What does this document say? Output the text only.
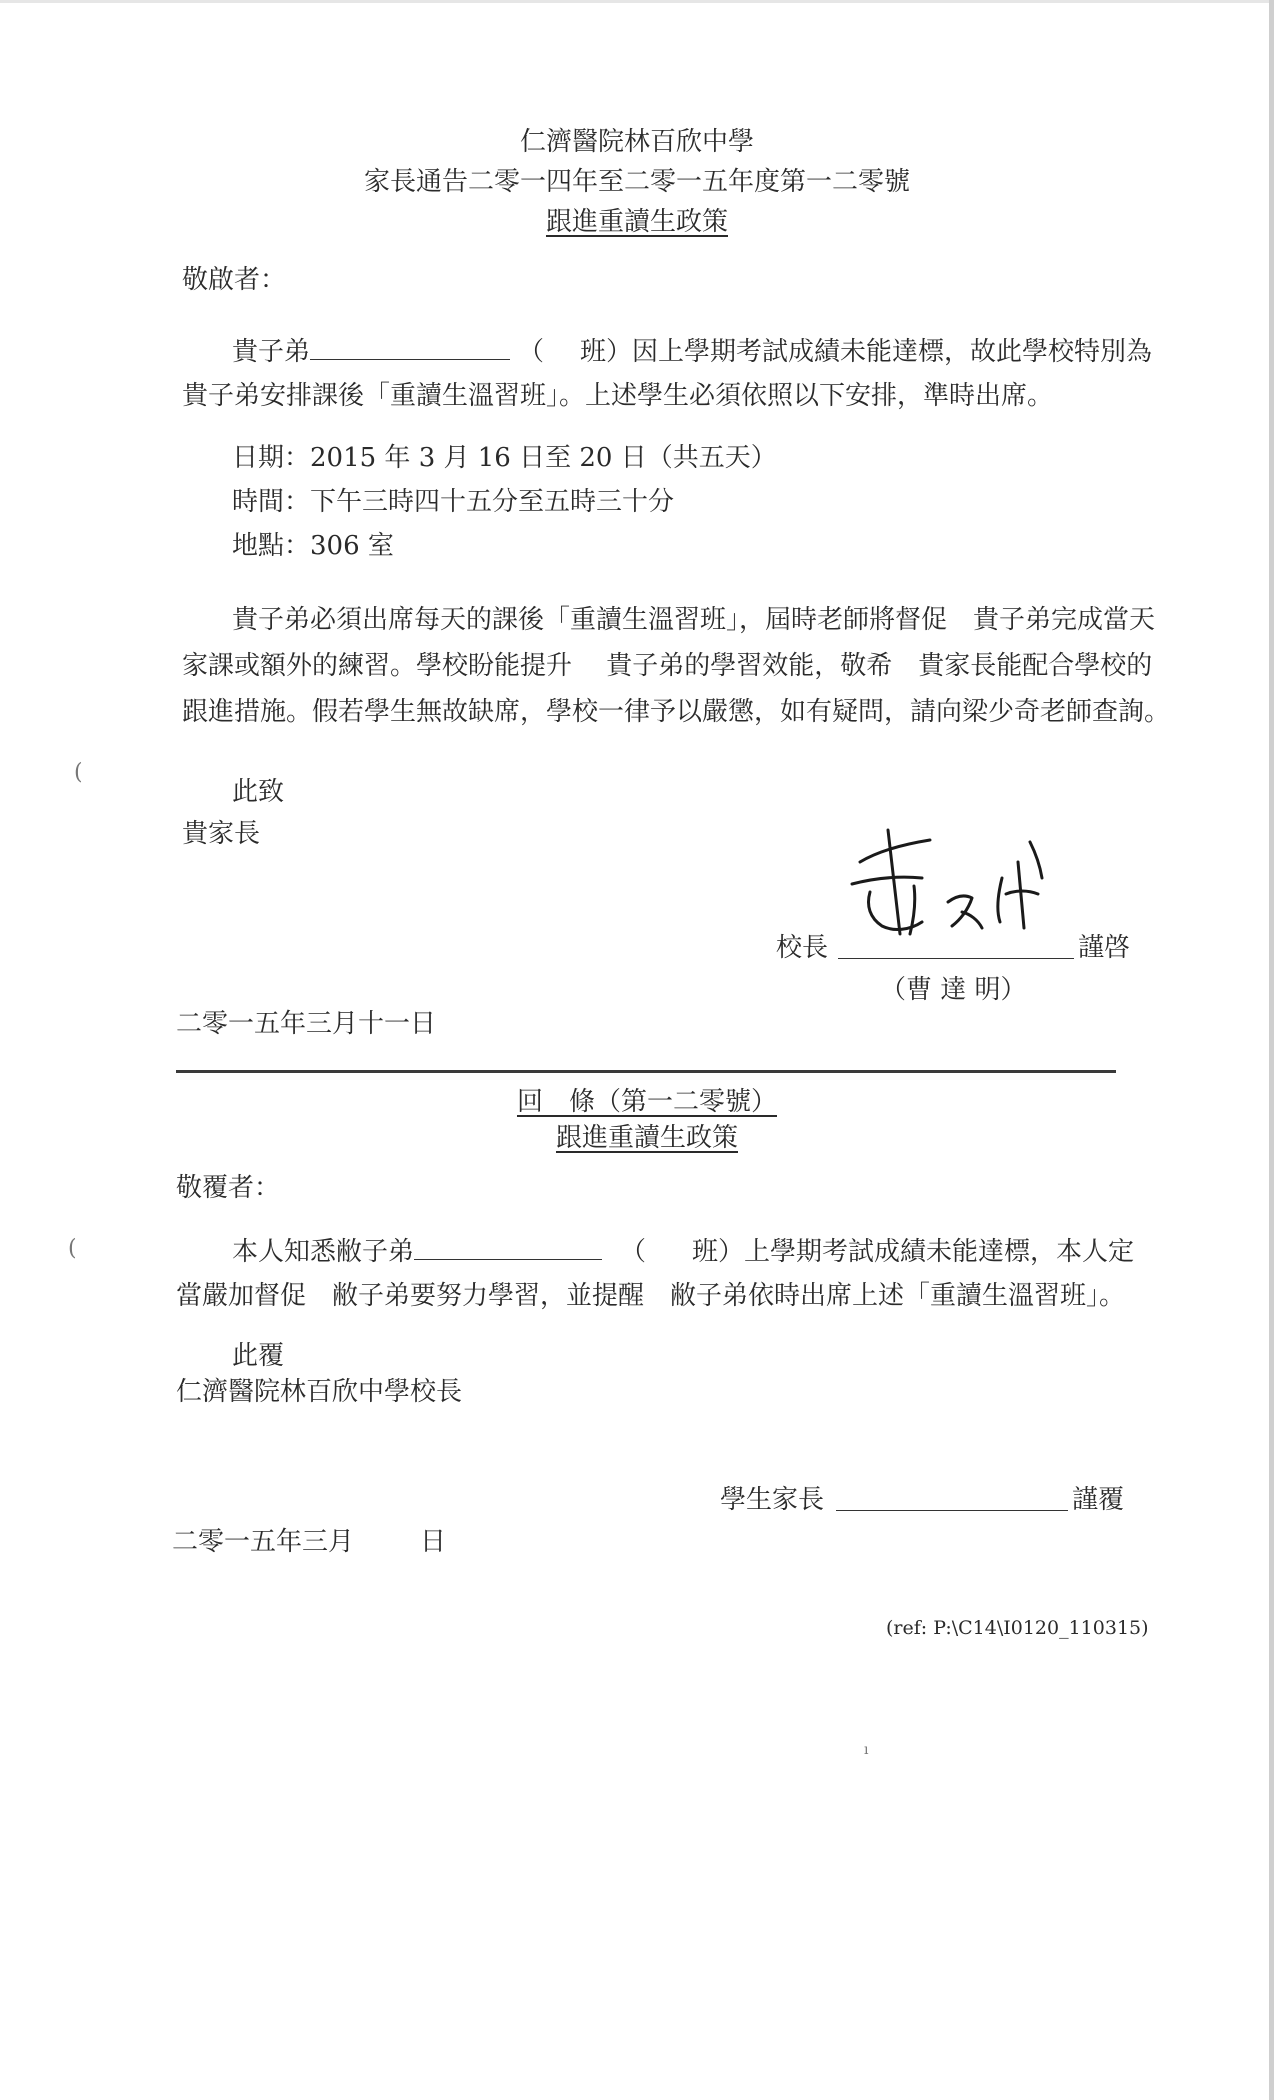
仁濟醫院林百欣中學
家長通告二零一四年至二零一五年度第一二零號
跟進重讀生政策
敬啟者：
貴子弟	（ 班）因上學期考試成績未能達標，故此學校特別為
貴子弟安排課後「重讀生溫習班」。上述學生必須依照以下安排，準時出席。
日期：2015 年 3 月 16 日至 20 日（共五天）
時間：下午三時四十五分至五時三十分
地點：306 室
貴子弟必須出席每天的課後「重讀生溫習班」，屆時老師將督促　貴子弟完成當天
家課或額外的練習。學校盼能提升　 貴子弟的學習效能，敬希　貴家長能配合學校的
跟進措施。假若學生無故缺席，學校一律予以嚴懲，如有疑問，請向梁少奇老師查詢。
(
此致
貴家長
校長	謹啓
（曹 達 明）
二零一五年三月十一日
回　條（第一二零號）
跟進重讀生政策
敬覆者：
(	本人知悉敝子弟	（ 班）上學期考試成績未能達標，本人定
當嚴加督促　敝子弟要努力學習，並提醒　敝子弟依時出席上述「重讀生溫習班」。
此覆
仁濟醫院林百欣中學校長
學生家長	謹覆
二零一五年三月	日
(ref: P:\C14\I0120_110315)
ı
